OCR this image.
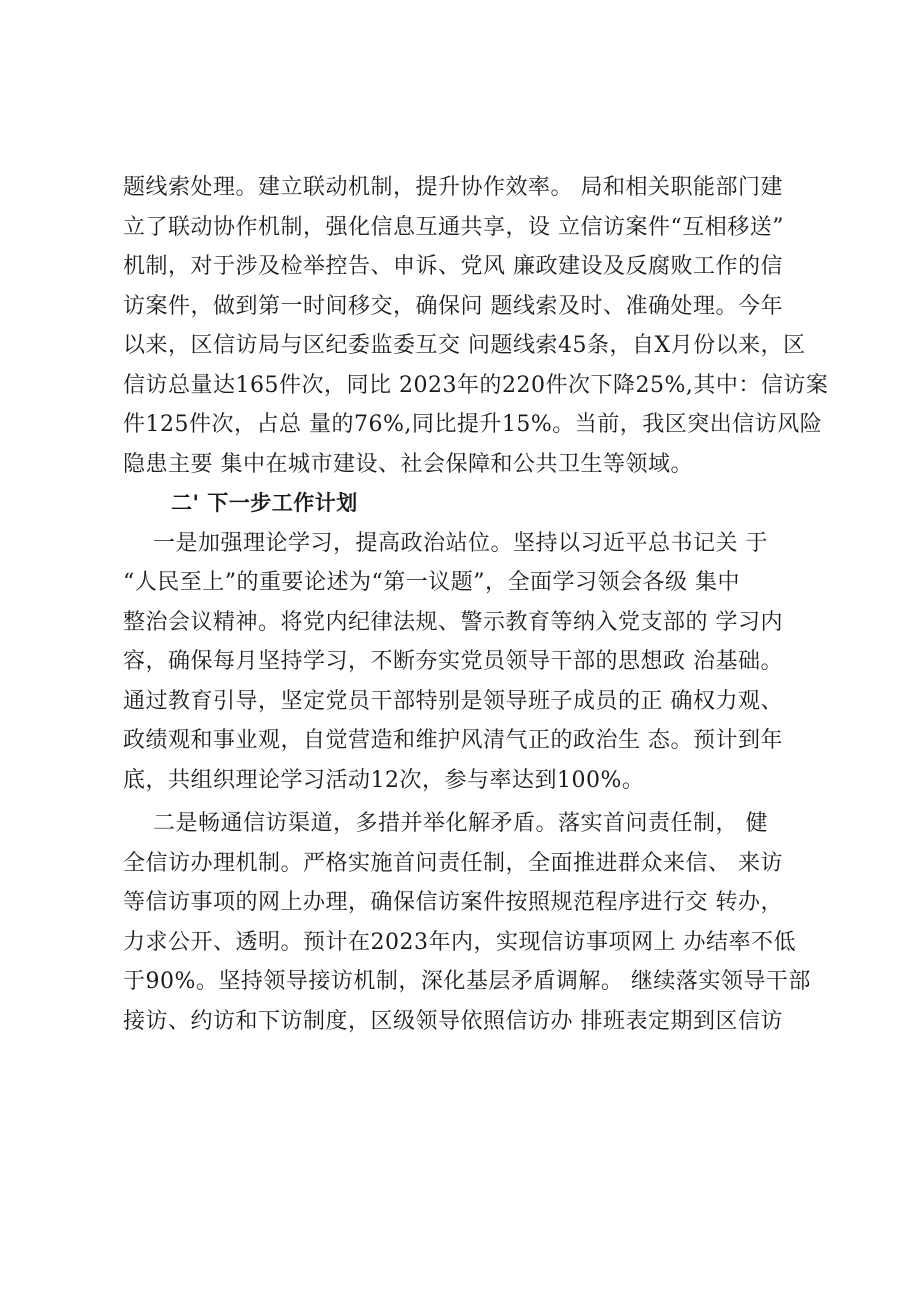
题线索处理。建立联动机制，提升协作效率。 局和相关职能部门建
立了联动协作机制，强化信息互通共享，设 立信访案件“互相移送”
机制，对于涉及检举控告、申诉、党风 廉政建设及反腐败工作的信
访案件，做到第一时间移交，确保问 题线索及时、准确处理。今年
以来，区信访局与区纪委监委互交 问题线索45条，自X月份以来，区
信访总量达165件次，同比 2023年的220件次下降25%,其中：信访案
件125件次，占总 量的76%,同比提升15%。当前，我区突出信访风险
隐患主要 集中在城市建设、社会保障和公共卫生等领域。
二' 下一步工作计划
一是加强理论学习，提高政治站位。坚持以习近平总书记关 于
“人民至上”的重要论述为“第一议题”，全面学习领会各级 集中
整治会议精神。将党内纪律法规、警示教育等纳入党支部的 学习内
容，确保每月坚持学习，不断夯实党员领导干部的思想政 治基础。
通过教育引导，坚定党员干部特别是领导班子成员的正 确权力观、
政绩观和事业观，自觉营造和维护风清气正的政治生 态。预计到年
底，共组织理论学习活动12次，参与率达到100%。
二是畅通信访渠道，多措并举化解矛盾。落实首问责任制， 健
全信访办理机制。严格实施首问责任制，全面推进群众来信、 来访
等信访事项的网上办理，确保信访案件按照规范程序进行交 转办，
力求公开、透明。预计在2023年内，实现信访事项网上 办结率不低
于90%。坚持领导接访机制，深化基层矛盾调解。 继续落实领导干部
接访、约访和下访制度，区级领导依照信访办 排班表定期到区信访
